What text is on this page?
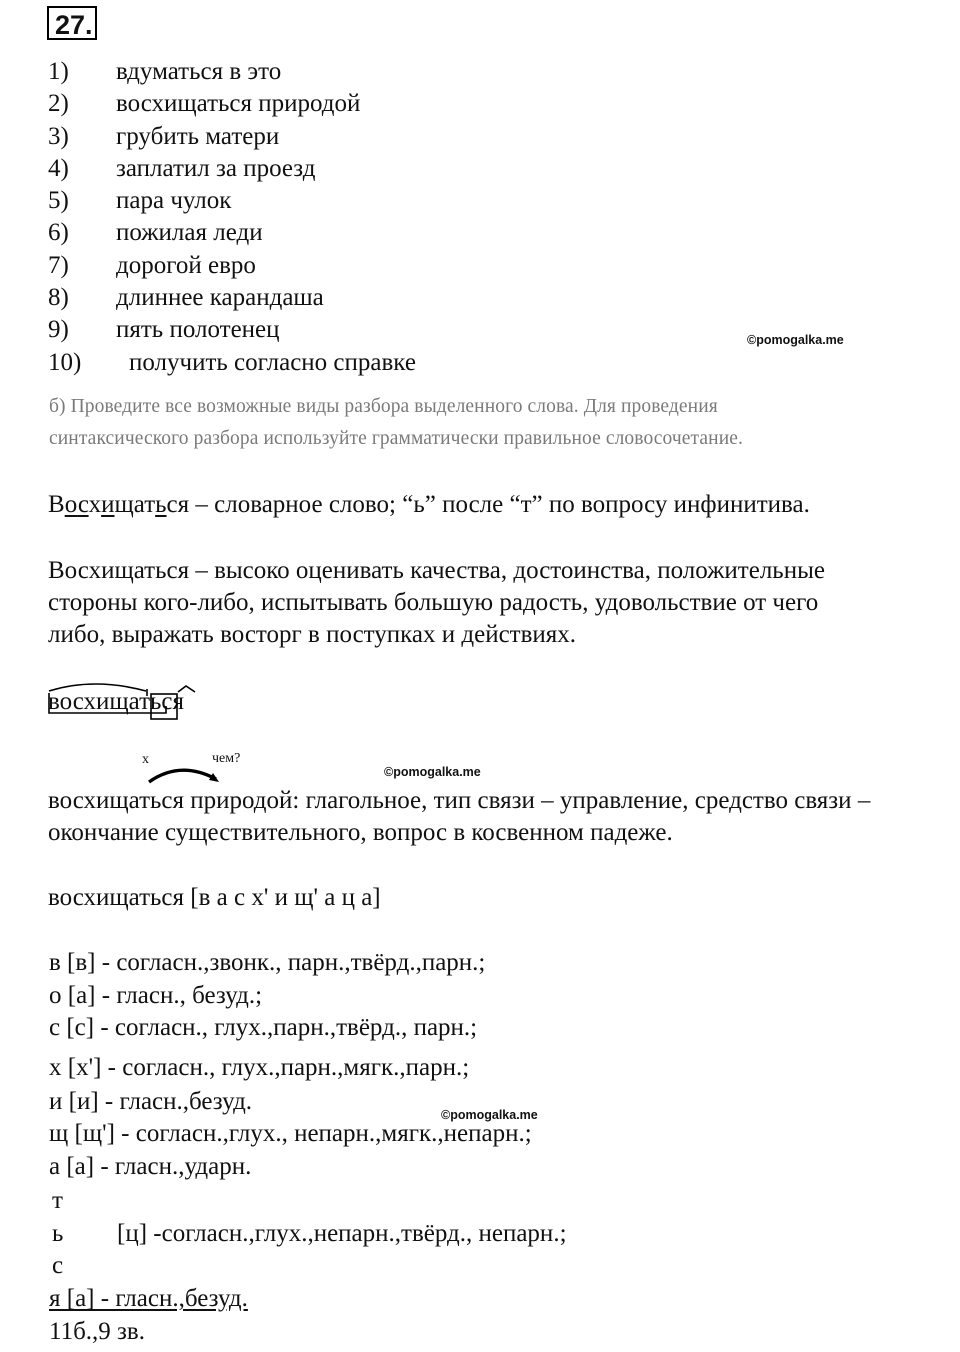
27.
1) вдуматься в это
2) восхищаться природой
3) грубить матери
4) заплатил за проезд
5) пара чулок
6) пожилая леди
7) дорогой евро
8) длиннее карандаша
9) пять полотенец
10) получить согласно справке
©pomogalka.me
б) Проведите все возможные виды разбора выделенного слова. Для проведения
синтаксического разбора используйте грамматически правильное словосочетание.
Восхищаться – словарное слово; “ь” после “т” по вопросу инфинитива.
Восхищаться – высоко оценивать качества, достоинства, положительные
стороны кого-либо, испытывать большую радость, удовольствие от чего
либо, выражать восторг в поступках и действиях.
восхищаться
х	чем?
©pomogalka.me
восхищаться природой: глагольное, тип связи – управление, средство связи –
окончание существительного, вопрос в косвенном падеже.
восхищаться [в а с х' и щ' а ц а]
в [в] - согласн.,звонк., парн.,твёрд.,парн.;
о [а] - гласн., безуд.;
с [с] - согласн., глух.,парн.,твёрд., парн.;
х [х'] - согласн., глух.,парн.,мягк.,парн.;
и [и] - гласн.,безуд.	©pomogalka.me
щ [щ'] - согласн.,глух., непарн.,мягк.,непарн.;
а [а] - гласн.,ударн.
т
ь [ц] -согласн.,глух.,непарн.,твёрд., непарн.;
с
я [а] - гласн.,безуд.
11б.,9 зв.
